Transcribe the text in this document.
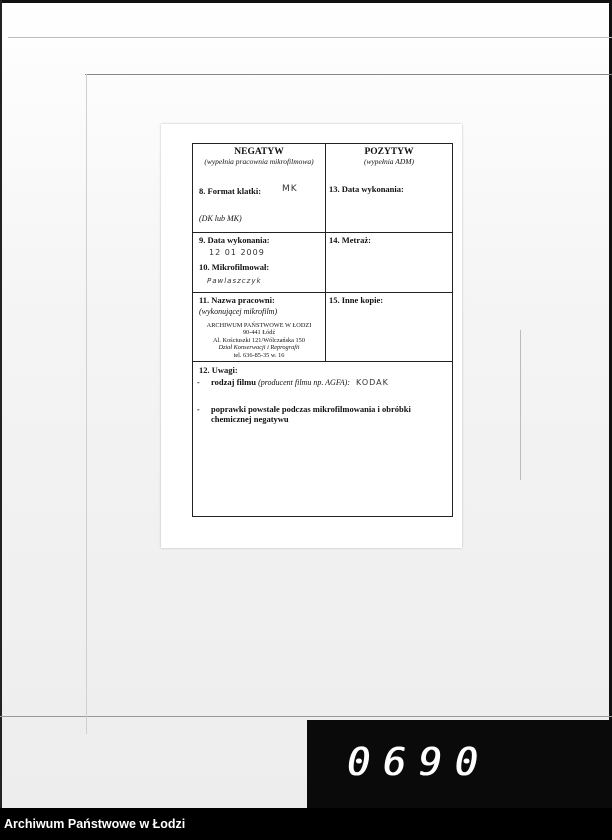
NEGATYW
(wypełnia pracownia mikrofilmowa)
8. Format klatki: MK
(DK lub MK)
POZYTYW
(wypełnia ADM)
13. Data wykonania:
9. Data wykonania:
12 01 2009
10. Mikrofilmował:
Pawlaszczyk
14. Metraż:
11. Nazwa pracowni:
(wykonującej mikrofilm)
ARCHIWUM PAŃSTWOWE W ŁODZI
90-441 Łódź
Al. Kościuszki 121/Wólczańska 150
Dział Konserwacji i Reprografii
tel. 636-85-35 w. 16
15. Inne kopie:
12. Uwagi:
- rodzaj filmu (producent filmu np. AGFA): KODAK
- poprawki powstałe podczas mikrofilmowania i obróbki chemicznej negatywu
0690
Archiwum Państwowe w Łodzi
